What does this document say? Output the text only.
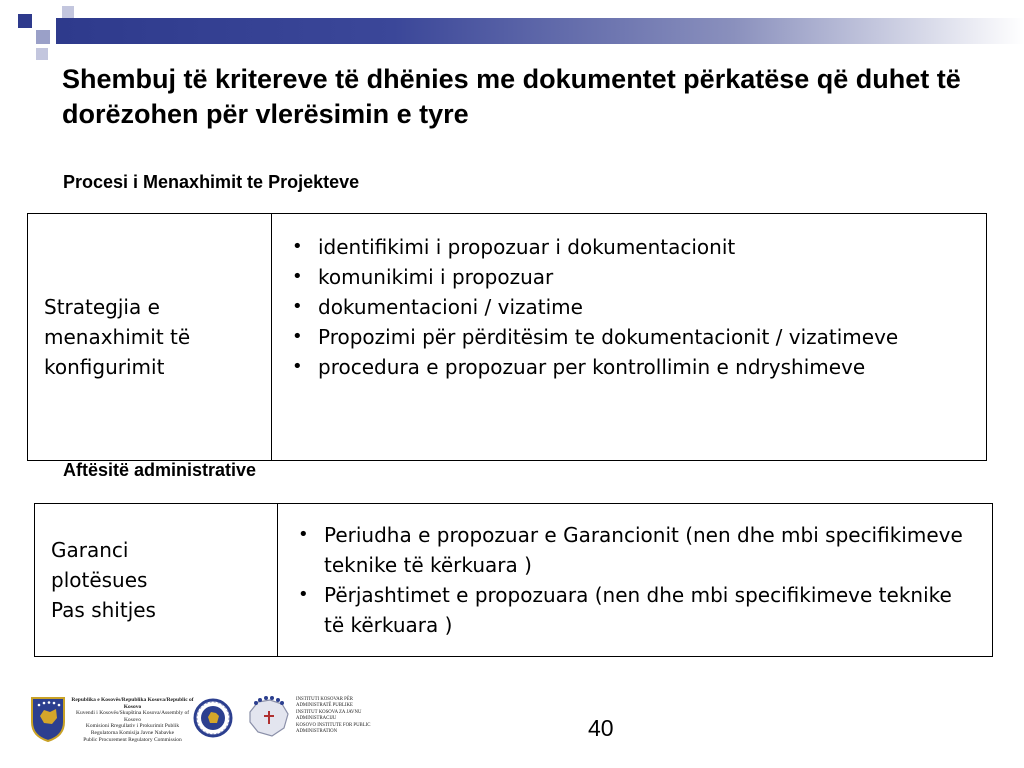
Shembuj të kritereve të dhënies me dokumentet përkatëse që duhet të dorëzohen për vlerësimin e tyre
Procesi i Menaxhimit te Projekteve
Strategjia e
menaxhimit të
konfigurimit
• identifikimi i propozuar i dokumentacionit
• komunikimi i propozuar
• dokumentacioni / vizatime
• Propozimi për përditësim te dokumentacionit / vizatimeve
• procedura e propozuar per kontrollimin e ndryshimeve
Aftësitë administrative
Garanci
plotësues
Pas shitjes
• Periudha e propozuar e Garancionit (nen dhe mbi specifikimeve teknike të kërkuara )
• Përjashtimet e propozuara (nen dhe mbi specifikimeve teknike të kërkuara )
Republika e Kosovës/Republika Kosova/Republic of Kosovo
Kuvendi i Kosovës/Skupština Kosova/Assembly of Kosovo
Komisioni Rregullativ i Prokurimit Publik
Regulatorna Komisija Javne Nabavke
Public Procurement Regulatory Commission
INSTITUTI KOSOVAR PËR ADMINISTRATË PUBLIKE
INSTITUT KOSOVA ZA JAVNU ADMINISTRACIJU
KOSOVO INSTITUTE FOR PUBLIC ADMINISTRATION	40
